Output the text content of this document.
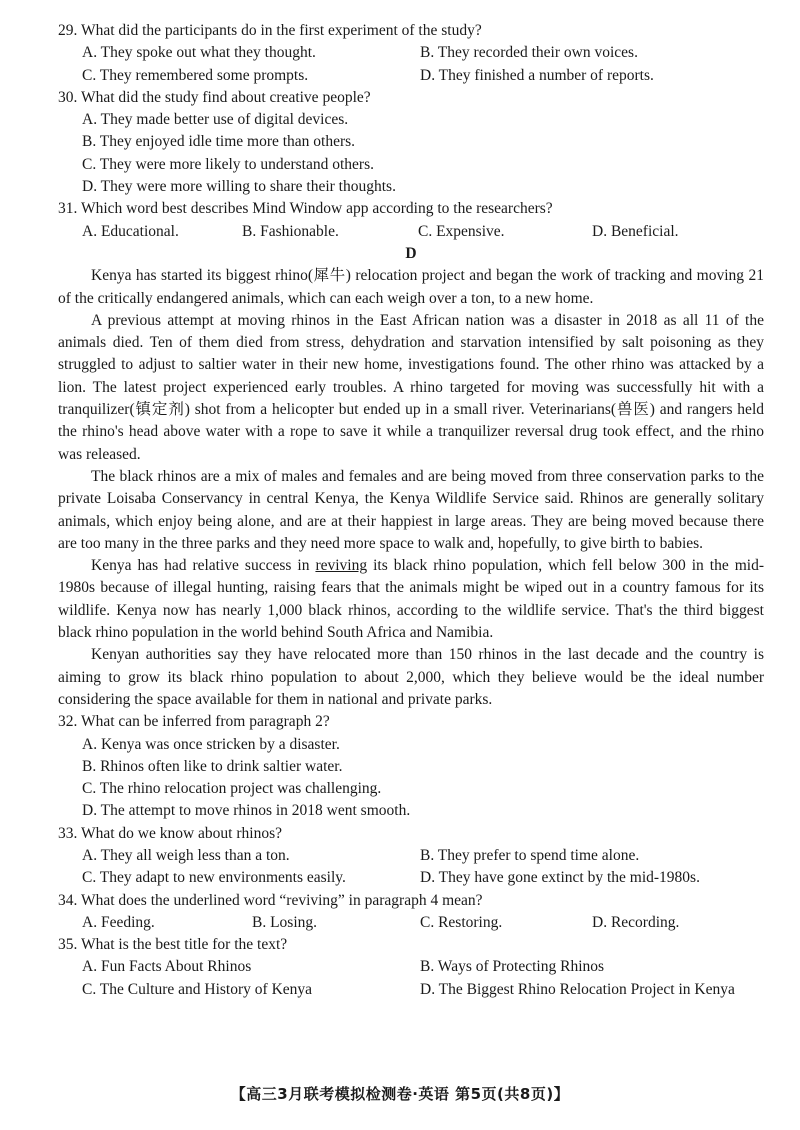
29. What did the participants do in the first experiment of the study?
A. They spoke out what they thought.	B. They recorded their own voices.
C. They remembered some prompts.	D. They finished a number of reports.
30. What did the study find about creative people?
A. They made better use of digital devices.
B. They enjoyed idle time more than others.
C. They were more likely to understand others.
D. They were more willing to share their thoughts.
31. Which word best describes Mind Window app according to the researchers?
A. Educational.	B. Fashionable.	C. Expensive.	D. Beneficial.
D

Kenya has started its biggest rhino(犀牛) relocation project and began the work of tracking and moving 21 of the critically endangered animals, which can each weigh over a ton, to a new home.

A previous attempt at moving rhinos in the East African nation was a disaster in 2018 as all 11 of the animals died. Ten of them died from stress, dehydration and starvation intensified by salt poisoning as they struggled to adjust to saltier water in their new home, investigations found. The other rhino was attacked by a lion. The latest project experienced early troubles. A rhino targeted for moving was successfully hit with a tranquilizer(镇定剂) shot from a helicopter but ended up in a small river. Veterinarians(兽医) and rangers held the rhino's head above water with a rope to save it while a tranquilizer reversal drug took effect, and the rhino was released.

The black rhinos are a mix of males and females and are being moved from three conservation parks to the private Loisaba Conservancy in central Kenya, the Kenya Wildlife Service said. Rhinos are generally solitary animals, which enjoy being alone, and are at their happiest in large areas. They are being moved because there are too many in the three parks and they need more space to walk and, hopefully, to give birth to babies.

Kenya has had relative success in reviving its black rhino population, which fell below 300 in the mid-1980s because of illegal hunting, raising fears that the animals might be wiped out in a country famous for its wildlife. Kenya now has nearly 1,000 black rhinos, according to the wildlife service. That's the third biggest black rhino population in the world behind South Africa and Namibia.

Kenyan authorities say they have relocated more than 150 rhinos in the last decade and the country is aiming to grow its black rhino population to about 2,000, which they believe would be the ideal number considering the space available for them in national and private parks.

32. What can be inferred from paragraph 2?
A. Kenya was once stricken by a disaster.
B. Rhinos often like to drink saltier water.
C. The rhino relocation project was challenging.
D. The attempt to move rhinos in 2018 went smooth.
33. What do we know about rhinos?
A. They all weigh less than a ton.	B. They prefer to spend time alone.
C. They adapt to new environments easily.	D. They have gone extinct by the mid-1980s.
34. What does the underlined word “reviving” in paragraph 4 mean?
A. Feeding.	B. Losing.	C. Restoring.	D. Recording.
35. What is the best title for the text?
A. Fun Facts About Rhinos	B. Ways of Protecting Rhinos
C. The Culture and History of Kenya	D. The Biggest Rhino Relocation Project in Kenya
【高三3月联考模拟检测卷·英语 第5页(共8页)】
